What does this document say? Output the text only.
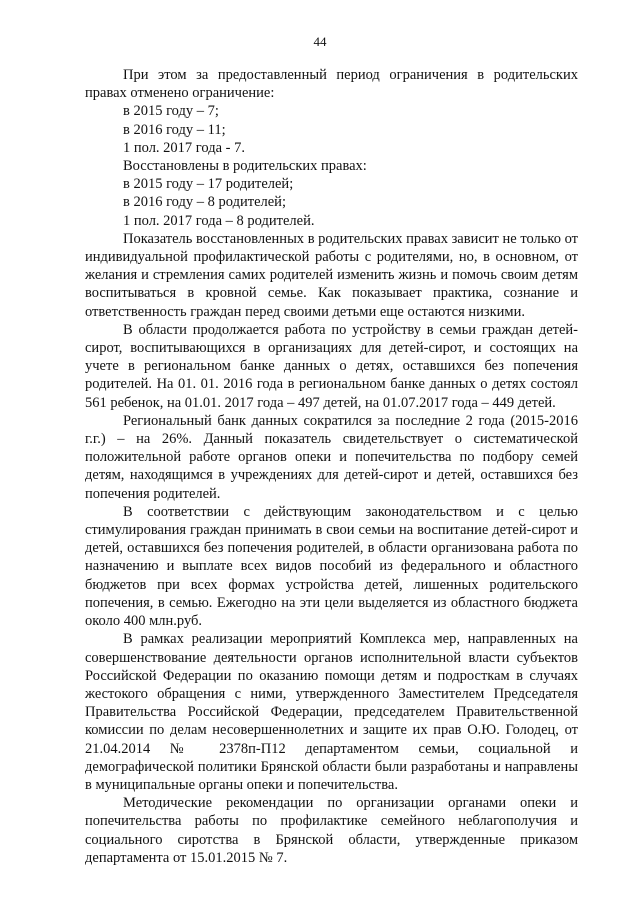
44

При этом за предоставленный период ограничения в родительских правах отменено ограничение:

в 2015 году – 7;

в 2016 году – 11;

1 пол. 2017 года - 7.

Восстановлены в родительских правах:

в 2015 году – 17 родителей;

в 2016 году – 8 родителей;

1 пол. 2017 года – 8 родителей.

Показатель восстановленных в родительских правах зависит не только от индивидуальной профилактической работы с родителями, но, в основном, от желания и стремления самих родителей изменить жизнь и помочь своим детям воспитываться в кровной семье. Как показывает практика, сознание и ответственность граждан перед своими детьми еще остаются низкими.

В области продолжается работа по устройству в семьи граждан детей-сирот, воспитывающихся в организациях для детей-сирот, и состоящих на учете в региональном банке данных о детях, оставшихся без попечения родителей. На 01. 01. 2016 года в региональном банке данных о детях состоял 561 ребенок, на 01.01. 2017 года – 497 детей, на 01.07.2017 года – 449 детей.

Региональный банк данных сократился за последние 2 года (2015-2016 г.г.) – на 26%. Данный показатель свидетельствует о систематической положительной работе органов опеки и попечительства по подбору семей детям, находящимся в учреждениях для детей-сирот и детей, оставшихся без попечения родителей.

В соответствии с действующим законодательством и с целью стимулирования граждан принимать в свои семьи на воспитание детей-сирот и детей, оставшихся без попечения родителей, в области организована работа по назначению и выплате всех видов пособий из федерального и областного бюджетов при всех формах устройства детей, лишенных родительского попечения, в семью. Ежегодно на эти цели выделяется из областного бюджета около 400 млн.руб.

В рамках реализации мероприятий Комплекса мер, направленных на совершенствование деятельности органов исполнительной власти субъектов Российской Федерации по оказанию помощи детям и подросткам в случаях жестокого обращения с ними, утвержденного Заместителем Председателя Правительства Российской Федерации, председателем Правительственной комиссии по делам несовершеннолетних и защите их прав О.Ю. Голодец, от 21.04.2014 № 2378п-П12 департаментом семьи, социальной и демографической политики Брянской области были разработаны и направлены в муниципальные органы опеки и попечительства.

Методические рекомендации по организации органами опеки и попечительства работы по профилактике семейного неблагополучия и социального сиротства в Брянской области, утвержденные приказом департамента от 15.01.2015 № 7.
